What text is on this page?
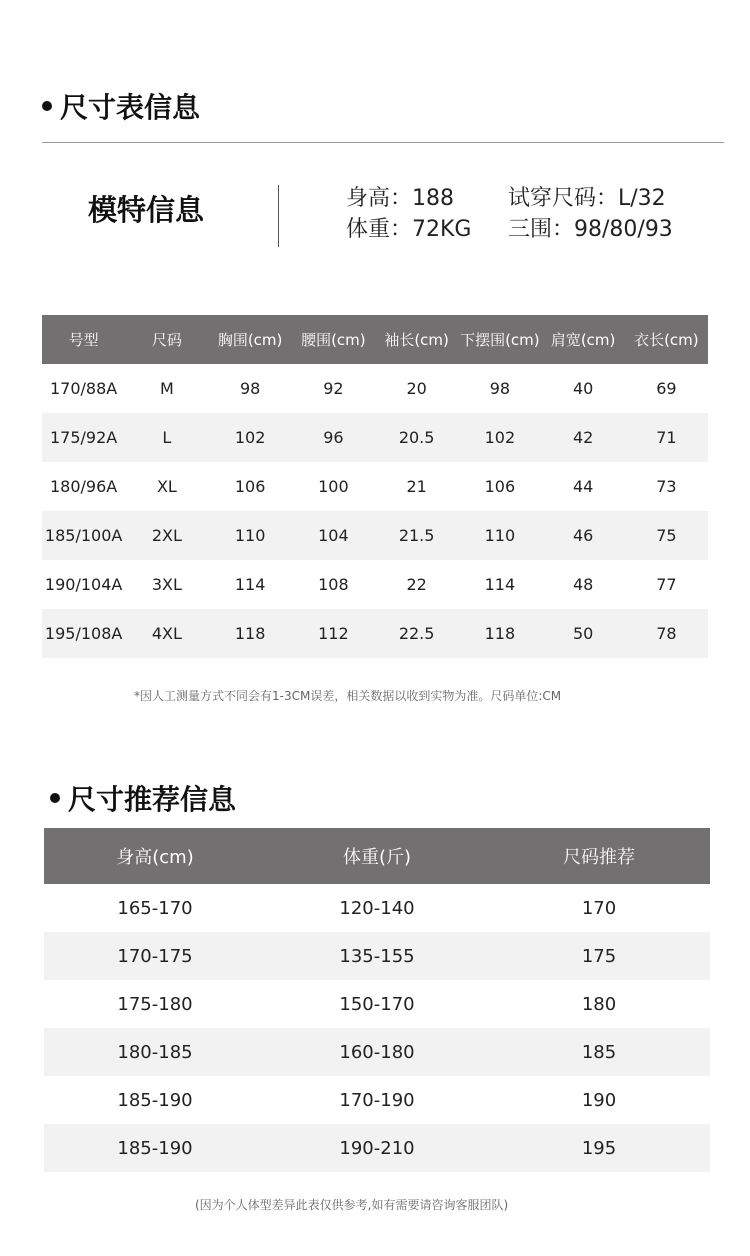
尺寸表信息
模特信息	身高：188
体重：72KG
试穿尺码：L/32
三围：98/80/93
号型	尺码	胸围(cm)	腰围(cm)	袖长(cm)	下摆围(cm)	肩宽(cm)	衣长(cm)
170/88A	M	98	92	20	98	40	69
175/92A	L	102	96	20.5	102	42	71
180/96A	XL	106	100	21	106	44	73
185/100A	2XL	110	104	21.5	110	46	75
190/104A	3XL	114	108	22	114	48	77
195/108A	4XL	118	112	22.5	118	50	78
*因人工测量方式不同会有1-3CM误差，相关数据以收到实物为准。尺码单位:CM
尺寸推荐信息
身高(cm)	体重(斤)	尺码推荐
165-170	120-140	170
170-175	135-155	175
175-180	150-170	180
180-185	160-180	185
185-190	170-190	190
185-190	190-210	195
(因为个人体型差异此表仅供参考,如有需要请咨询客服团队)
